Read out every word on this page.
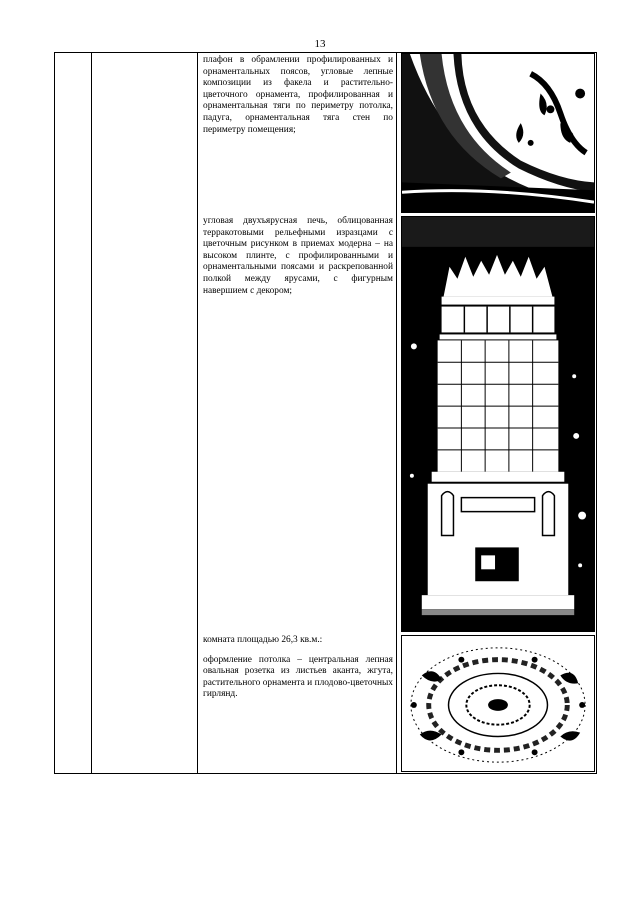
13

плафон в обрамлении профилированных и орнаментальных поясов, угловые лепные композиции из факела и растительно-цветочного орнамента, профилированная и орнаментальная тяги по периметру потолка, падуга, орнаментальная тяга стен по периметру помещения;

угловая двухъярусная печь, облицованная терракотовыми рельефными изразцами с цветочным рисунком в приемах модерна – на высоком плинте, с профилированными и орнаментальными поясами и раскрепованной полкой между ярусами, с фигурным навершием с декором;

комната площадью 26,3 кв.м.:

оформление потолка – центральная лепная овальная розетка из листьев аканта, жгута, растительного орнамента и плодово-цветочных гирлянд.
